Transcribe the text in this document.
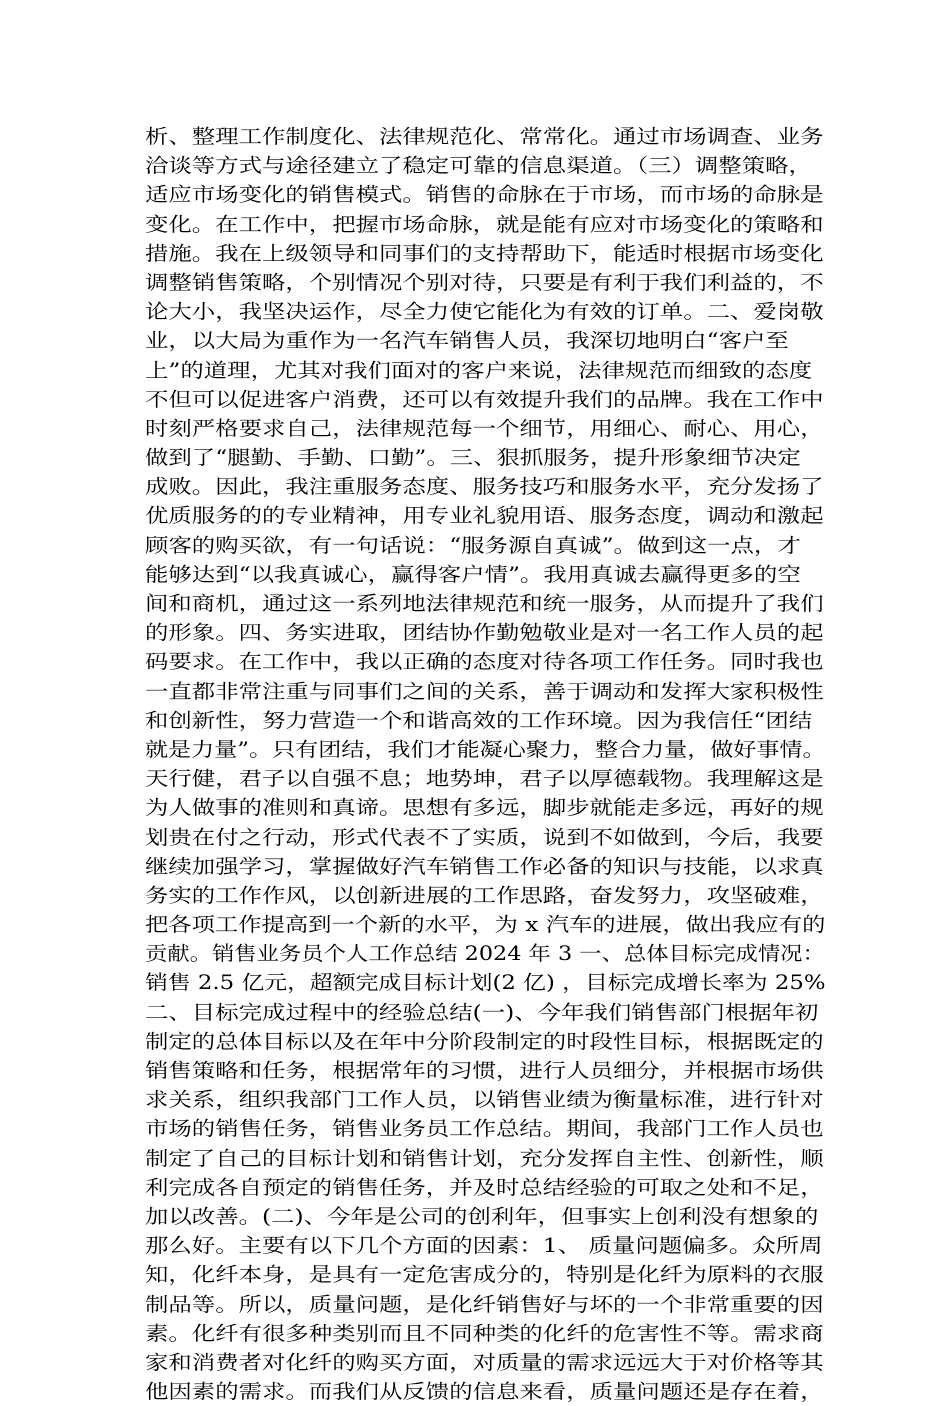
析、整理工作制度化、法律规范化、常常化。通过市场调查、业务
洽谈等方式与途径建立了稳定可靠的信息渠道。（三）调整策略，
适应市场变化的销售模式。销售的命脉在于市场，而市场的命脉是
变化。在工作中，把握市场命脉，就是能有应对市场变化的策略和
措施。我在上级领导和同事们的支持帮助下，能适时根据市场变化
调整销售策略，个别情况个别对待，只要是有利于我们利益的，不
论大小，我坚决运作，尽全力使它能化为有效的订单。二、爱岗敬
业，以大局为重作为一名汽车销售人员，我深切地明白“客户至
上”的道理，尤其对我们面对的客户来说，法律规范而细致的态度
不但可以促进客户消费，还可以有效提升我们的品牌。我在工作中
时刻严格要求自己，法律规范每一个细节，用细心、耐心、用心，
做到了“腿勤、手勤、口勤”。三、狠抓服务，提升形象细节决定
成败。因此，我注重服务态度、服务技巧和服务水平，充分发扬了
优质服务的的专业精神，用专业礼貌用语、服务态度，调动和激起
顾客的购买欲，有一句话说：“服务源自真诚”。做到这一点，才
能够达到“以我真诚心，赢得客户情”。我用真诚去赢得更多的空
间和商机，通过这一系列地法律规范和统一服务，从而提升了我们
的形象。四、务实进取，团结协作勤勉敬业是对一名工作人员的起
码要求。在工作中，我以正确的态度对待各项工作任务。同时我也
一直都非常注重与同事们之间的关系，善于调动和发挥大家积极性
和创新性，努力营造一个和谐高效的工作环境。因为我信任“团结
就是力量”。只有团结，我们才能凝心聚力，整合力量，做好事情。
天行健，君子以自强不息；地势坤，君子以厚德载物。我理解这是
为人做事的准则和真谛。思想有多远，脚步就能走多远，再好的规
划贵在付之行动，形式代表不了实质，说到不如做到，今后，我要
继续加强学习，掌握做好汽车销售工作必备的知识与技能，以求真
务实的工作作风，以创新进展的工作思路，奋发努力，攻坚破难，
把各项工作提高到一个新的水平，为 x 汽车的进展，做出我应有的
贡献。销售业务员个人工作总结 2024 年 3 一、总体目标完成情况：
销售 2.5 亿元，超额完成目标计划(2 亿) ，目标完成增长率为 25%
二、目标完成过程中的经验总结(一)、今年我们销售部门根据年初
制定的总体目标以及在年中分阶段制定的时段性目标，根据既定的
销售策略和任务，根据常年的习惯，进行人员细分，并根据市场供
求关系，组织我部门工作人员，以销售业绩为衡量标准，进行针对
市场的销售任务，销售业务员工作总结。期间，我部门工作人员也
制定了自己的目标计划和销售计划，充分发挥自主性、创新性，顺
利完成各自预定的销售任务，并及时总结经验的可取之处和不足，
加以改善。(二)、今年是公司的创利年，但事实上创利没有想象的
那么好。主要有以下几个方面的因素：1、 质量问题偏多。众所周
知，化纤本身，是具有一定危害成分的，特别是化纤为原料的衣服
制品等。所以，质量问题，是化纤销售好与坏的一个非常重要的因
素。化纤有很多种类别而且不同种类的化纤的危害性不等。需求商
家和消费者对化纤的购买方面，对质量的需求远远大于对价格等其
他因素的需求。而我们从反馈的信息来看，质量问题还是存在着，
